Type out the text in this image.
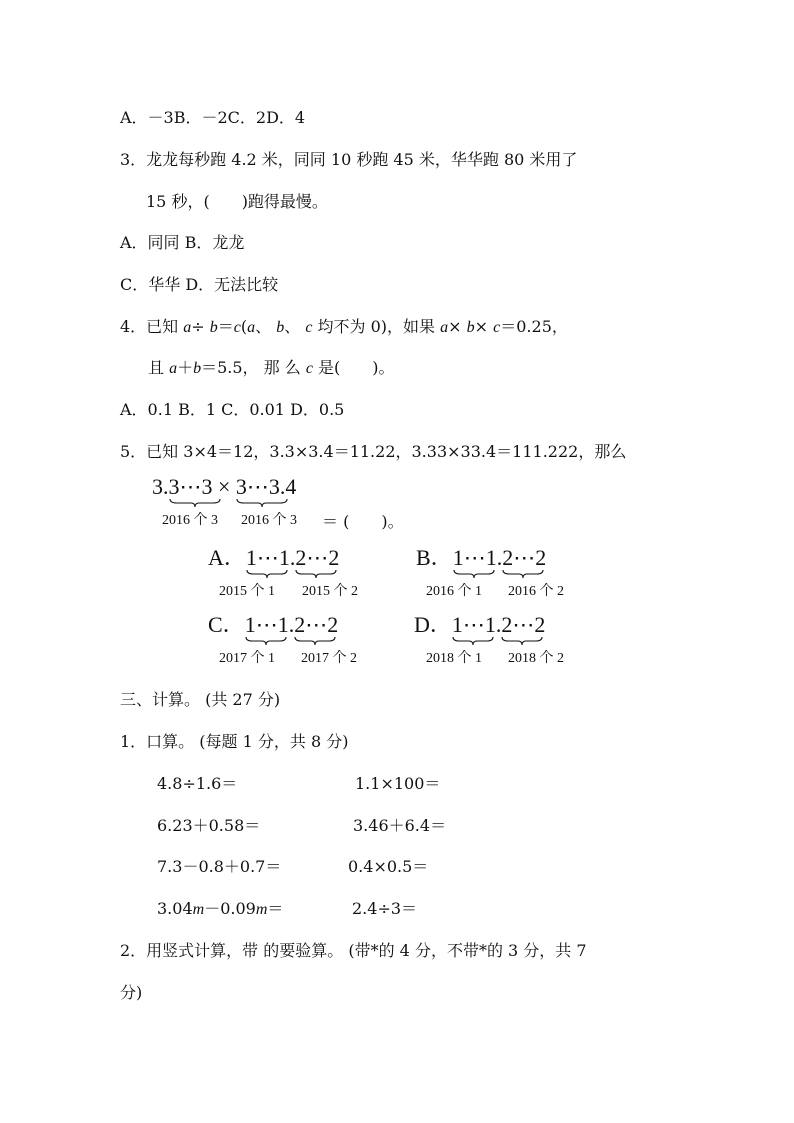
A．－3B．－2C．2D．4
3．龙龙每秒跑 4.2 米，同同 10 秒跑 45 米，华华跑 80 米用了
15 秒，(　　)跑得最慢。
A．同同 B．龙龙
C．华华 D．无法比较
4．已知 a÷ b＝c(a、 b、 c 均不为 0)，如果 a× b× c＝0.25，
且 a＋b＝5.5， 那 么 c 是(　　)。
A．0.1 B．1 C．0.01 D．0.5
5．已知 3×4＝12，3.3×3.4＝11.22，3.33×33.4＝111.222，那么
3.3⋯3
× 3⋯3
.4
2016 个 3 2016 个 3 ＝ (　　)。
A．1⋯1
.2⋯2
2015 个 1 2015 个 2
B．1⋯1
.2⋯2
2016 个 1 2016 个 2
C．1⋯1
.2⋯2
2017 个 1 2017 个 2
D．1⋯1
.2⋯2
2018 个 1 2018 个 2
三、计算。 (共 27 分)
1．口算。 (每题 1 分，共 8 分)
4.8÷1.6＝	1.1×100＝
6.23＋0.58＝	3.46＋6.4＝
7.3－0.8＋0.7＝	0.4×0.5＝
3.04m－0.09m＝	2.4÷3＝
2．用竖式计算，带 的要验算。 (带*的 4 分，不带*的 3 分，共 7
分)
